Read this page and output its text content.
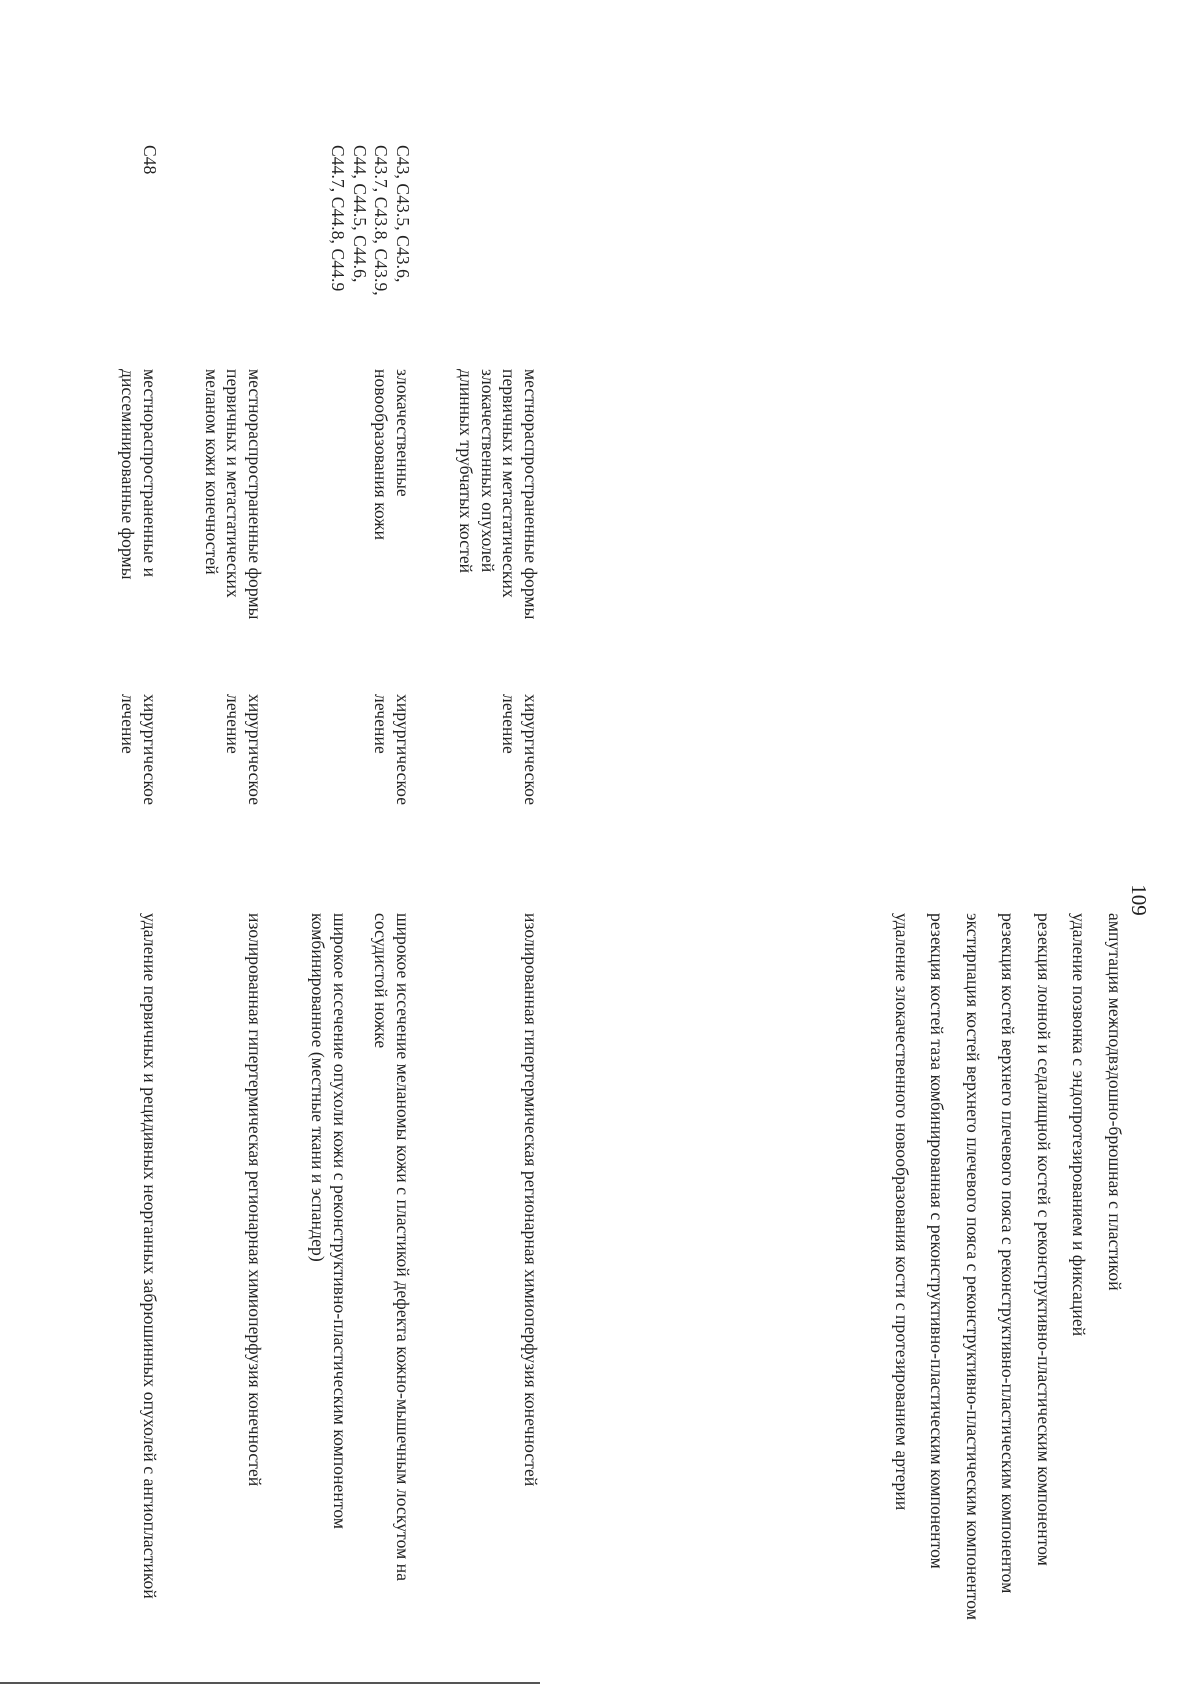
109

ампутация межподвздошно-брюшная с пластикой

удаление позвонка с эндопротезированием и фиксацией

резекция лонной и седалищной костей с реконструктивно-пластическим компонентом

резекция костей верхнего плечевого пояса с реконструктивно-пластическим компонентом

экстирпация костей верхнего плечевого пояса с реконструктивно-пластическим компонентом

резекция костей таза комбинированная с реконструктивно-пластическим компонентом

удаление злокачественного новообразования кости с протезированием артерии

местнораспространенные формы первичных и метастатических злокачественных опухолей длинных трубчатых костей
хирургическое лечение

изолированная гипертермическая регионарная химиоперфузия конечностей

C43, C43.5, C43.6, C43.7, C43.8, C43.9, C44, C44.5, C44.6, C44.7, C44.8, C44.9
злокачественные новообразования кожи
хирургическое лечение

широкое иссечение меланомы кожи с пластикой дефекта кожно-мышечным лоскутом на сосудистой ножке

широкое иссечение опухоли кожи с реконструктивно-пластическим компонентом комбинированное (местные ткани и эспандер)

местнораспространенные формы первичных и метастатических меланом кожи конечностей
хирургическое лечение

изолированная гипертермическая регионарная химиоперфузия конечностей

C48
местнораспространенные и диссеминированные формы
хирургическое лечение

удаление первичных и рецидивных неорганных забрюшинных опухолей с ангиопластикой
